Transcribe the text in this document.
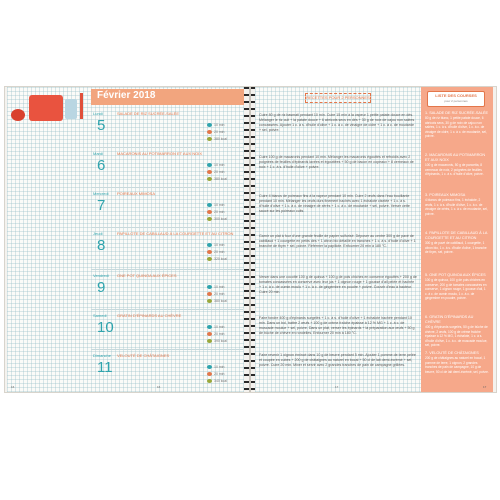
Février 2018
Lundi
5
SALADE DE RIZ SUCRÉE-SALÉE
10 min
20 min
380 kcal
Mardi
6
MACARONIS AU POTIMARRON ET AUX NOIX
10 min
20 min
380 kcal
Mercredi
7
POIREAUX MIMOSA
10 min
20 min
300 kcal
Jeudi
8
PAPILLOTE DE CABILLAUD À LA COURGETTE ET AU CITRON
10 min
20 min
320 kcal
Vendredi
9
ONE POT QUINOA AUX ÉPICES
10 min
20 min
380 kcal
Samedi
10
GRATIN D'ÉPINARDS AU CHÈVRE
10 min
20 min
390 kcal
Dimanche
11
VELOUTÉ DE CHÂTAIGNES
10 min
20 min
340 kcal
16	16
RECETTES POUR 2 PERSONNES
Cuire 80 g de riz basmati pendant 10 min. Cuire 15 min à la vapeur 1 petite patate douce en dés. Mélanger le riz cuit + la patate douce + 6 abricots secs en dés + 30 g de noix de cajou non salées concassées. Ajouter 1 c. à s. d'huile d'olive + 1 c. à c. de vinaigre de cidre + 1 c. à c. de moutarde + sel, poivre.
Cuire 100 g de macaronis pendant 10 min. Mélanger les macaronis égouttés et refroidis avec 2 poignées de feuilles d'épinards lavées et égouttées + 50 g de bacon en copeaux + 8 cerneaux de noix + 1 c. à s. d'huile d'olive + poivre.
Cuire 4 blancs de poireaux fins à la vapeur pendant 10 min. Cuire 2 œufs dans l'eau bouillante pendant 10 min. Mélanger les œufs durs finement hachés avec 1 échalote ciselée + 1 c. à s. d'huile d'olive + 1 c. à c. de vinaigre de xérès + 1 c. à c. de moutarde + sel, poivre. Verser cette sauce sur les poireaux cuits.
Garnir un plat à four d'une grande feuille de papier sulfurisé. Déposer au centre 300 g de pavé de cabillaud + 1 courgette en petits dés + 1 citron bio détaillé en tranches + 1 c. à s. d'huile d'olive + 1 branche de thym + sel, poivre. Refermer la papillote. Enfourner 20 min à 180 °C.
Verser dans une cocotte 100 g de quinoa + 100 g de pois chiches en conserve égouttés + 200 g de tomates concassées en conserve avec leur jus + 1 oignon rouge + 1 gousse d'ail pelée et hachée + 1 c. à c. de cumin moulu + 1 c. à c. de gingembre en poudre + poivre. Couvrir d'eau à hauteur. Cuire 20 min.
Faire fondre 400 g d'épinards surgelés + 1 c. à s. d'huile d'olive + 1 échalote hachée pendant 10 min. Dans un bol, battre 2 œufs + 100 g de crème fraîche épaisse à 12 % MG + 1 c. à c. de muscade moulue + sel, poivre. Dans un plat, verser les épinards + la préparation aux œufs + 50 g de bûche de chèvre en rondelles. Enfourner 20 min à 180 °C.
Faire revenir 1 oignon émincé dans 10 g de beurre pendant 5 min. Ajouter 1 pomme de terre pelée et coupée en cubes + 200 g de châtaignes au naturel en bocal + 50 cl de lait demi-écrémé + sel, poivre. Cuire 20 min. Mixer et servir avec 2 grandes tranches de pain de campagne grillées.
LISTE DES COURSES
pour 2 personnes
1. SALADE DE RIZ SUCRÉE-SALÉE
80 g de riz blanc, 1 petite patate douce, 6 abricots secs, 30 g de noix de cajou non salées, 1 c. à s. d'huile d'olive, 1 c. à c. de vinaigre de cidre, 1 c. à c. de moutarde, sel, poivre.
2. MACARONIS AU POTIMARRON ET AUX NOIX
100 g de macaronis, 50 g de pancetta, 8 cerneaux de noix, 2 poignées de feuilles d'épinards, 1 c. à s. d'huile d'olive, poivre.
3. POIREAUX MIMOSA
4 blancs de poireaux fins, 1 échalote, 2 œufs, 1 c. à s. d'huile d'olive, 1 c. à c. de vinaigre de xérès, 1 c. à c. de moutarde, sel, poivre.
4. PAPILLOTE DE CABILLAUD À LA COURGETTE ET AU CITRON
300 g de pavé de cabillaud, 1 courgette, 1 citron bio, 1 c. à s. d'huile d'olive, 1 branche de thym, sel, poivre.
5. ONE POT QUINOA AUX ÉPICES
100 g de quinoa, 100 g de pois chiches en conserve, 200 g de tomates concassées en conserve, 1 oignon rouge, 1 gousse d'ail, 1 c. à c. de cumin moulu, 1 c. à c. de gingembre en poudre, poivre.
6. GRATIN D'ÉPINARDS AU CHÈVRE
400 g d'épinards surgelés, 50 g de bûche de chèvre, 2 œufs, 100 g de crème fraîche épaisse à 12 % MG, 1 échalote, 1 c. à s. d'huile d'olive, 1 c. à c. de muscade moulue, sel, poivre.
7. VELOUTÉ DE CHÂTAIGNES
200 g de châtaignes au naturel en bocal, 1 pomme de terre, 1 oignon, 2 grandes tranches de pain de campagne, 10 g de beurre, 50 cl de lait demi-écrémé, sel, poivre.
17	17
